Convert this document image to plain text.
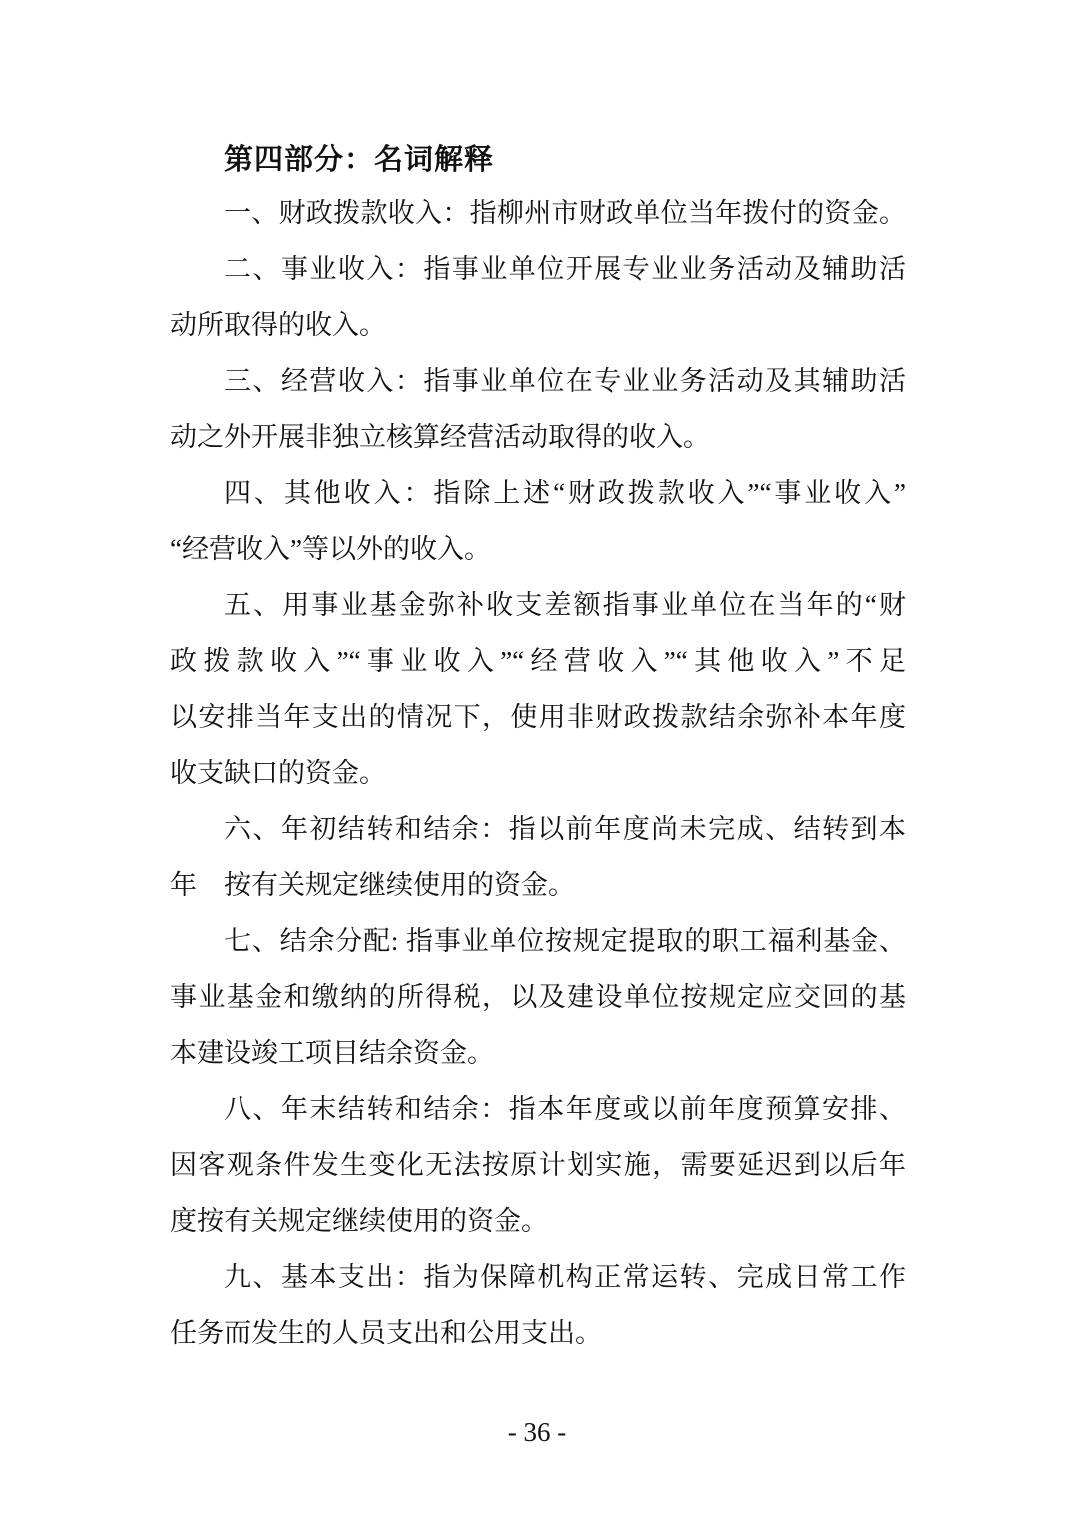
第四部分：名词解释

一、财政拨款收入：指柳州市财政单位当年拨付的资金。

二、事业收入：指事业单位开展专业业务活动及辅助活

动所取得的收入。

三、经营收入：指事业单位在专业业务活动及其辅助活

动之外开展非独立核算经营活动取得的收入。

四、其他收入：指除上述“财政拨款收入”“事业收入”

“经营收入”等以外的收入。

五、用事业基金弥补收支差额指事业单位在当年的“财

政拨款收入”“事业收入”“经营收入”“其他收入”不足

以安排当年支出的情况下，使用非财政拨款结余弥补本年度

收支缺口的资金。

六、年初结转和结余：指以前年度尚未完成、结转到本

年　按有关规定继续使用的资金。

七、结余分配: 指事业单位按规定提取的职工福利基金、

事业基金和缴纳的所得税，以及建设单位按规定应交回的基

本建设竣工项目结余资金。

八、年末结转和结余：指本年度或以前年度预算安排、

因客观条件发生变化无法按原计划实施，需要延迟到以后年

度按有关规定继续使用的资金。

九、基本支出：指为保障机构正常运转、完成日常工作

任务而发生的人员支出和公用支出。

- 36 -
